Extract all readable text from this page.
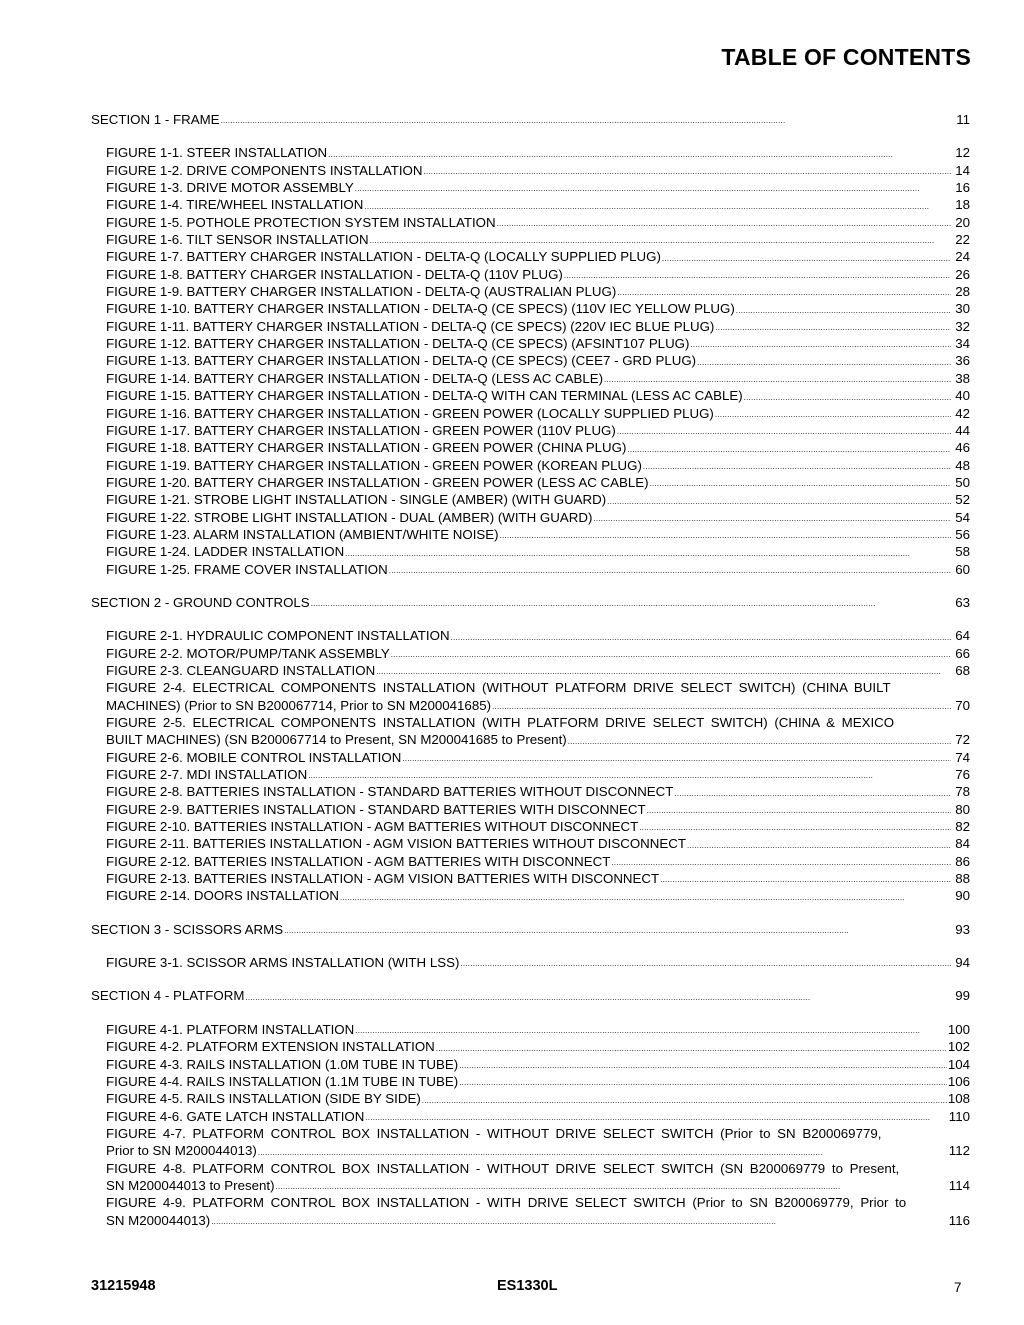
TABLE OF CONTENTS
SECTION 1 - FRAME . . .	11
FIGURE 1-1. STEER INSTALLATION . . .	12
FIGURE 1-2. DRIVE COMPONENTS INSTALLATION . . .	14
FIGURE 1-3. DRIVE MOTOR ASSEMBLY . . .	16
FIGURE 1-4. TIRE/WHEEL INSTALLATION . . .	18
FIGURE 1-5. POTHOLE PROTECTION SYSTEM INSTALLATION . . .	20
FIGURE 1-6. TILT SENSOR INSTALLATION . . .	22
FIGURE 1-7. BATTERY CHARGER INSTALLATION - DELTA-Q (LOCALLY SUPPLIED PLUG) . . .	24
FIGURE 1-8. BATTERY CHARGER INSTALLATION - DELTA-Q (110V PLUG) . . .	26
FIGURE 1-9. BATTERY CHARGER INSTALLATION - DELTA-Q (AUSTRALIAN PLUG) . . .	28
FIGURE 1-10. BATTERY CHARGER INSTALLATION - DELTA-Q (CE SPECS) (110V IEC YELLOW PLUG) . . .	30
FIGURE 1-11. BATTERY CHARGER INSTALLATION - DELTA-Q (CE SPECS) (220V IEC BLUE PLUG) . . .	32
FIGURE 1-12. BATTERY CHARGER INSTALLATION - DELTA-Q (CE SPECS) (AFSINT107 PLUG) . . .	34
FIGURE 1-13. BATTERY CHARGER INSTALLATION - DELTA-Q (CE SPECS) (CEE7 - GRD PLUG) . . .	36
FIGURE 1-14. BATTERY CHARGER INSTALLATION - DELTA-Q (LESS AC CABLE) . . .	38
FIGURE 1-15. BATTERY CHARGER INSTALLATION - DELTA-Q WITH CAN TERMINAL (LESS AC CABLE) . . .	40
FIGURE 1-16. BATTERY CHARGER INSTALLATION - GREEN POWER (LOCALLY SUPPLIED PLUG) . . .	42
FIGURE 1-17. BATTERY CHARGER INSTALLATION - GREEN POWER (110V PLUG) . . .	44
FIGURE 1-18. BATTERY CHARGER INSTALLATION - GREEN POWER (CHINA PLUG) . . .	46
FIGURE 1-19. BATTERY CHARGER INSTALLATION - GREEN POWER (KOREAN PLUG) . . .	48
FIGURE 1-20. BATTERY CHARGER INSTALLATION - GREEN POWER (LESS AC CABLE) . . .	50
FIGURE 1-21. STROBE LIGHT INSTALLATION - SINGLE (AMBER) (WITH GUARD) . . .	52
FIGURE 1-22. STROBE LIGHT INSTALLATION - DUAL (AMBER) (WITH GUARD) . . .	54
FIGURE 1-23. ALARM INSTALLATION (AMBIENT/WHITE NOISE) . . .	56
FIGURE 1-24. LADDER INSTALLATION . . .	58
FIGURE 1-25. FRAME COVER INSTALLATION . . .	60
SECTION 2 - GROUND CONTROLS . . .	63
FIGURE 2-1. HYDRAULIC COMPONENT INSTALLATION . . .	64
FIGURE 2-2. MOTOR/PUMP/TANK ASSEMBLY . . .	66
FIGURE 2-3. CLEANGUARD INSTALLATION . . .	68
FIGURE 2-4. ELECTRICAL COMPONENTS INSTALLATION (WITHOUT PLATFORM DRIVE SELECT SWITCH) (CHINA BUILT
MACHINES) (Prior to SN B200067714, Prior to SN M200041685) . . .	70
FIGURE 2-5. ELECTRICAL COMPONENTS INSTALLATION (WITH PLATFORM DRIVE SELECT SWITCH) (CHINA & MEXICO
BUILT MACHINES) (SN B200067714 to Present, SN M200041685 to Present) . . .	72
FIGURE 2-6. MOBILE CONTROL INSTALLATION . . .	74
FIGURE 2-7. MDI INSTALLATION . . .	76
FIGURE 2-8. BATTERIES INSTALLATION - STANDARD BATTERIES WITHOUT DISCONNECT . . .	78
FIGURE 2-9. BATTERIES INSTALLATION - STANDARD BATTERIES WITH DISCONNECT . . .	80
FIGURE 2-10. BATTERIES INSTALLATION - AGM BATTERIES WITHOUT DISCONNECT . . .	82
FIGURE 2-11. BATTERIES INSTALLATION - AGM VISION BATTERIES WITHOUT DISCONNECT . . .	84
FIGURE 2-12. BATTERIES INSTALLATION - AGM BATTERIES WITH DISCONNECT . . .	86
FIGURE 2-13. BATTERIES INSTALLATION - AGM VISION BATTERIES WITH DISCONNECT . . .	88
FIGURE 2-14. DOORS INSTALLATION . . .	90
SECTION 3 - SCISSORS ARMS . . .	93
FIGURE 3-1. SCISSOR ARMS INSTALLATION (WITH LSS) . . .	94
SECTION 4 - PLATFORM . . .	99
FIGURE 4-1. PLATFORM INSTALLATION . . .	100
FIGURE 4-2. PLATFORM EXTENSION INSTALLATION . . .	102
FIGURE 4-3. RAILS INSTALLATION (1.0M TUBE IN TUBE) . . .	104
FIGURE 4-4. RAILS INSTALLATION (1.1M TUBE IN TUBE) . . .	106
FIGURE 4-5. RAILS INSTALLATION (SIDE BY SIDE) . . .	108
FIGURE 4-6. GATE LATCH INSTALLATION . . .	110
FIGURE 4-7. PLATFORM CONTROL BOX INSTALLATION - WITHOUT DRIVE SELECT SWITCH (Prior to SN B200069779,
Prior to SN M200044013) . . .	112
FIGURE 4-8. PLATFORM CONTROL BOX INSTALLATION - WITHOUT DRIVE SELECT SWITCH (SN B200069779 to Present,
SN M200044013 to Present) . . .	114
FIGURE 4-9. PLATFORM CONTROL BOX INSTALLATION - WITH DRIVE SELECT SWITCH (Prior to SN B200069779, Prior to
SN M200044013) . . .	116
31215948	ES1330L	7
